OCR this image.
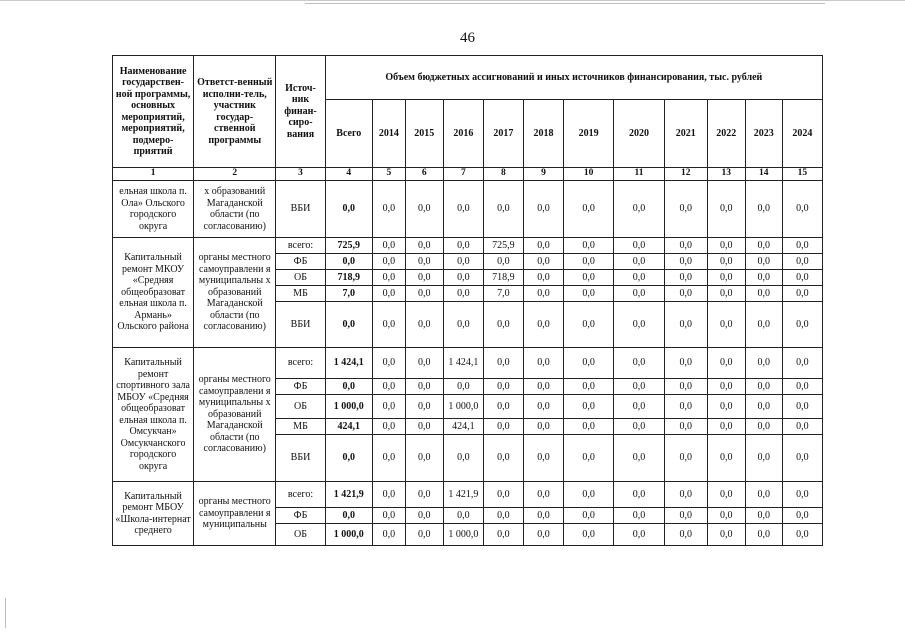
46
Наименование государствен-ной программы, основных мероприятий, мероприятий, подмеро-приятий	Ответст-венный исполни-тель, участник государ-ственной программы	Источ-ник финан-сиро-вания	Объем бюджетных ассигнований и иных источников финансирования, тыс. рублей											
			Всего	2014	2015	2016	2017	2018	2019	2020	2021	2022	2023	2024
1	2	3	4	5	6	7	8	9	10	11	12	13	14	15
ельная школа п. Ола» Ольского городского округа	х образований Магаданской области (по согласованию)	ВБИ	0,0	0,0	0,0	0,0	0,0	0,0	0,0	0,0	0,0	0,0	0,0	0,0
Капитальный ремонт МКОУ «Средняя общеобразоват ельная школа п. Армань» Ольского района	органы местного самоуправлени я муниципальны х образований Магаданской области (по согласованию)	всего:	725,9	0,0	0,0	0,0	725,9	0,0	0,0	0,0	0,0	0,0	0,0	0,0
		ФБ	0,0	0,0	0,0	0,0	0,0	0,0	0,0	0,0	0,0	0,0	0,0	0,0
		ОБ	718,9	0,0	0,0	0,0	718,9	0,0	0,0	0,0	0,0	0,0	0,0	0,0
		МБ	7,0	0,0	0,0	0,0	7,0	0,0	0,0	0,0	0,0	0,0	0,0	0,0
		ВБИ	0,0	0,0	0,0	0,0	0,0	0,0	0,0	0,0	0,0	0,0	0,0	0,0
Капитальный ремонт спортивного зала МБОУ «Средняя общеобразоват ельная школа п. Омсукчан» Омсукчанского городского округа	органы местного самоуправлени я муниципальны х образований Магаданской области (по согласованию)	всего:	1 424,1	0,0	0,0	1 424,1	0,0	0,0	0,0	0,0	0,0	0,0	0,0	0,0
		ФБ	0,0	0,0	0,0	0,0	0,0	0,0	0,0	0,0	0,0	0,0	0,0	0,0
		ОБ	1 000,0	0,0	0,0	1 000,0	0,0	0,0	0,0	0,0	0,0	0,0	0,0	0,0
		МБ	424,1	0,0	0,0	424,1	0,0	0,0	0,0	0,0	0,0	0,0	0,0	0,0
		ВБИ	0,0	0,0	0,0	0,0	0,0	0,0	0,0	0,0	0,0	0,0	0,0	0,0
Капитальный ремонт МБОУ «Школа-интернат среднего	органы местного самоуправлени я муниципальны	всего:	1 421,9	0,0	0,0	1 421,9	0,0	0,0	0,0	0,0	0,0	0,0	0,0	0,0
		ФБ	0,0	0,0	0,0	0,0	0,0	0,0	0,0	0,0	0,0	0,0	0,0	0,0
		ОБ	1 000,0	0,0	0,0	1 000,0	0,0	0,0	0,0	0,0	0,0	0,0	0,0	0,0
